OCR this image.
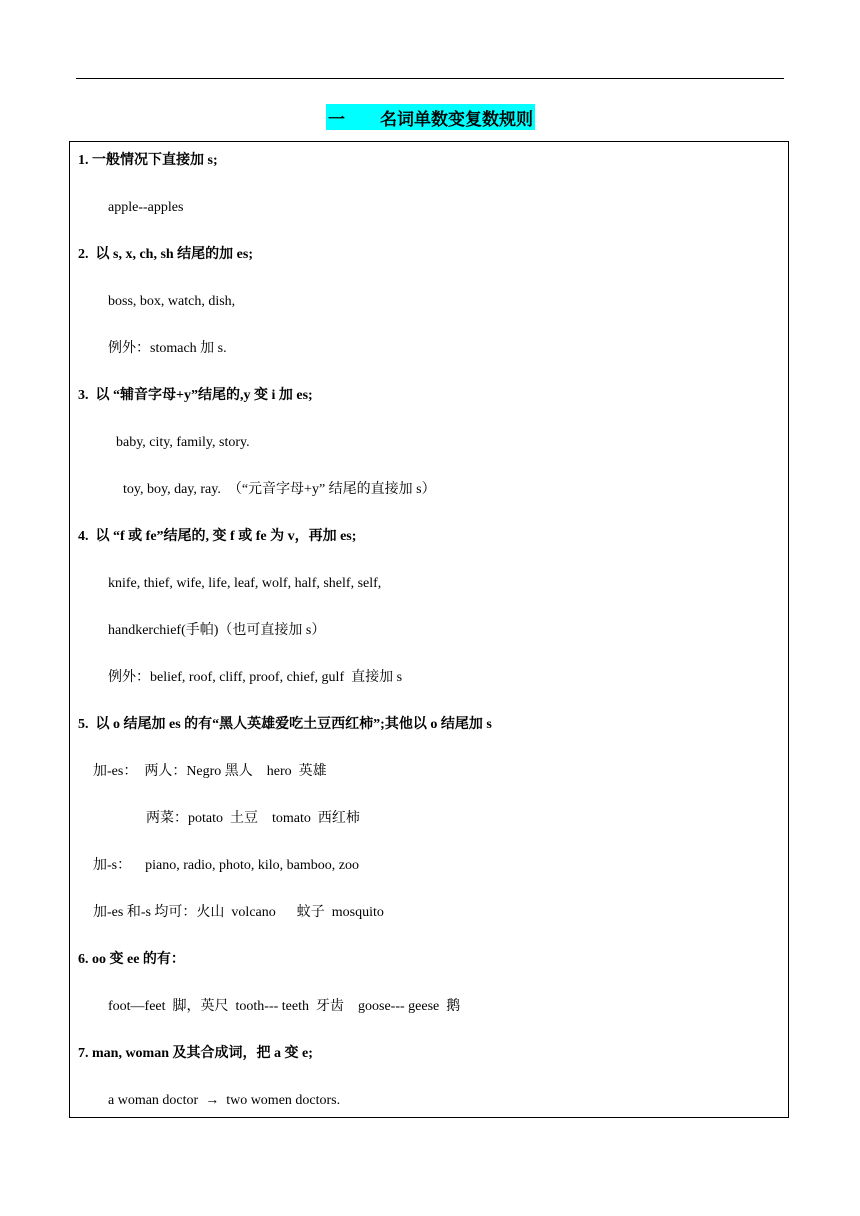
一	名词单数变复数规则
1. 一般情况下直接加 s;
apple--apples
2.  以 s, x, ch, sh 结尾的加 es;
boss, box, watch, dish,
例外：stomach 加 s.
3.  以 “辅音字母+y”结尾的,y 变 i 加 es;
baby, city, family, story.
toy, boy, day, ray.  （“元音字母+y” 结尾的直接加 s）
4.  以 “f 或 fe”结尾的, 变 f 或 fe 为 v，再加 es;
knife, thief, wife, life, leaf, wolf, half, shelf, self,
handkerchief(手帕)（也可直接加 s）
例外：belief, roof, cliff, proof, chief, gulf  直接加 s
5.  以 o 结尾加 es 的有“黑人英雄爱吃土豆西红柿”;其他以 o 结尾加 s
加-es：  两人：Negro 黑人    hero  英雄
两菜：potato  土豆    tomato  西红柿
加-s：    piano, radio, photo, kilo, bamboo, zoo
加-es 和-s 均可：火山  volcano      蚊子  mosquito
6. oo 变 ee 的有：
foot—feet  脚，英尺  tooth--- teeth  牙齿    goose--- geese  鹅
7. man, woman 及其合成词，把 a 变 e;
a woman doctor  →  two women doctors.
